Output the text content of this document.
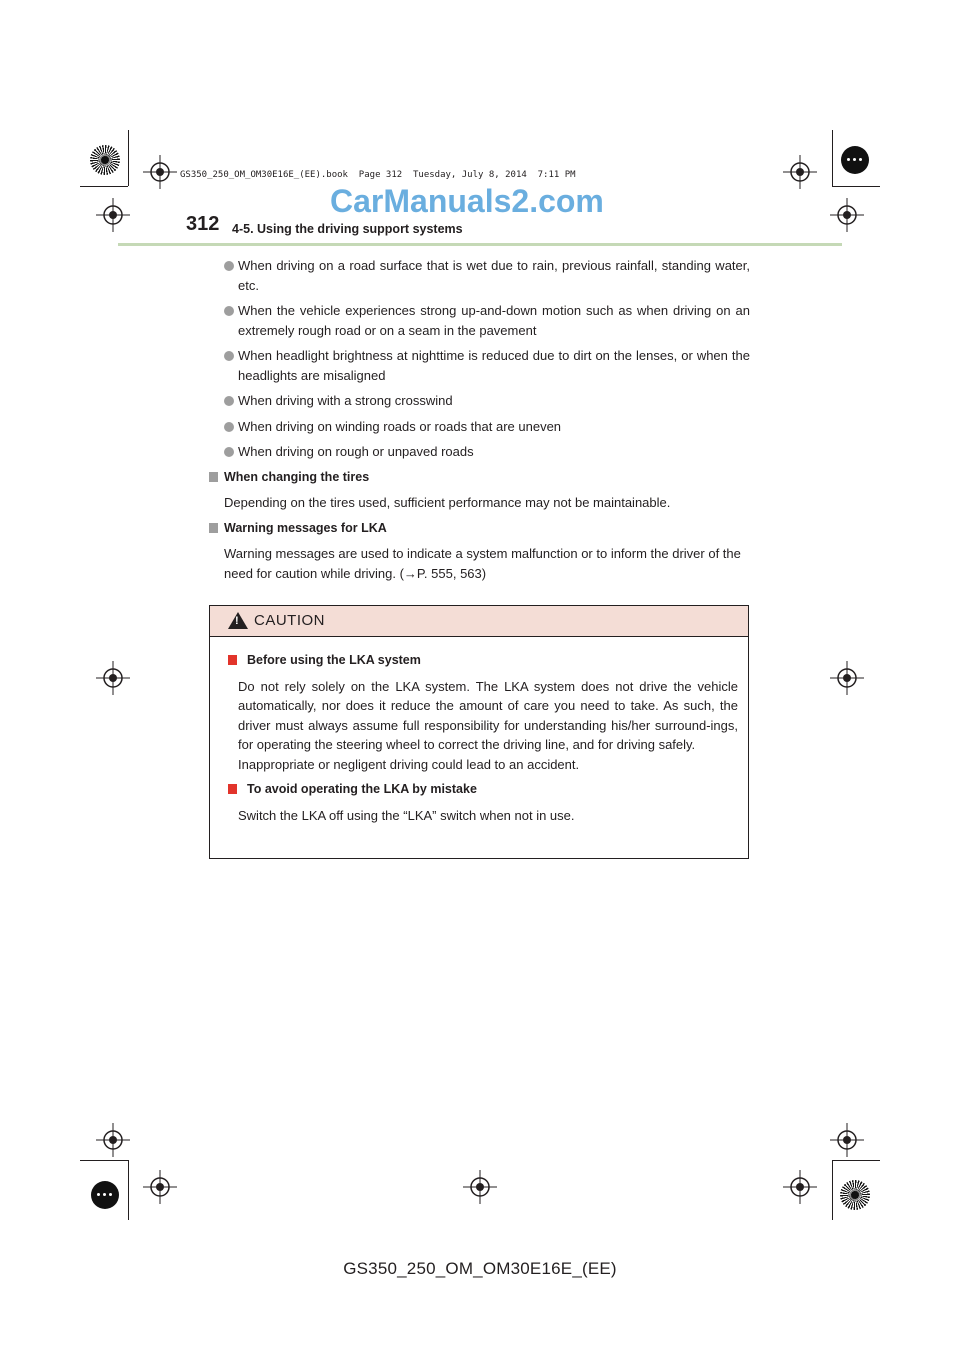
GS350_250_OM_OM30E16E_(EE).book  Page 312  Tuesday, July 8, 2014  7:11 PM
CarManuals2.com
312 4-5. Using the driving support systems
When driving on a road surface that is wet due to rain, previous rainfall, standing water, etc.
When the vehicle experiences strong up-and-down motion such as when driving on an extremely rough road or on a seam in the pavement
When headlight brightness at nighttime is reduced due to dirt on the lenses, or when the headlights are misaligned
When driving with a strong crosswind
When driving on winding roads or roads that are uneven
When driving on rough or unpaved roads
When changing the tires
Depending on the tires used, sufficient performance may not be maintainable.
Warning messages for LKA
Warning messages are used to indicate a system malfunction or to inform the driver of the need for caution while driving. (→P. 555, 563)
!
CAUTION
Before using the LKA system
Do not rely solely on the LKA system. The LKA system does not drive the vehicle automatically, nor does it reduce the amount of care you need to take. As such, the driver must always assume full responsibility for understanding his/her surround-ings, for operating the steering wheel to correct the driving line, and for driving safely.
Inappropriate or negligent driving could lead to an accident.
To avoid operating the LKA by mistake
Switch the LKA off using the “LKA” switch when not in use.
GS350_250_OM_OM30E16E_(EE)
